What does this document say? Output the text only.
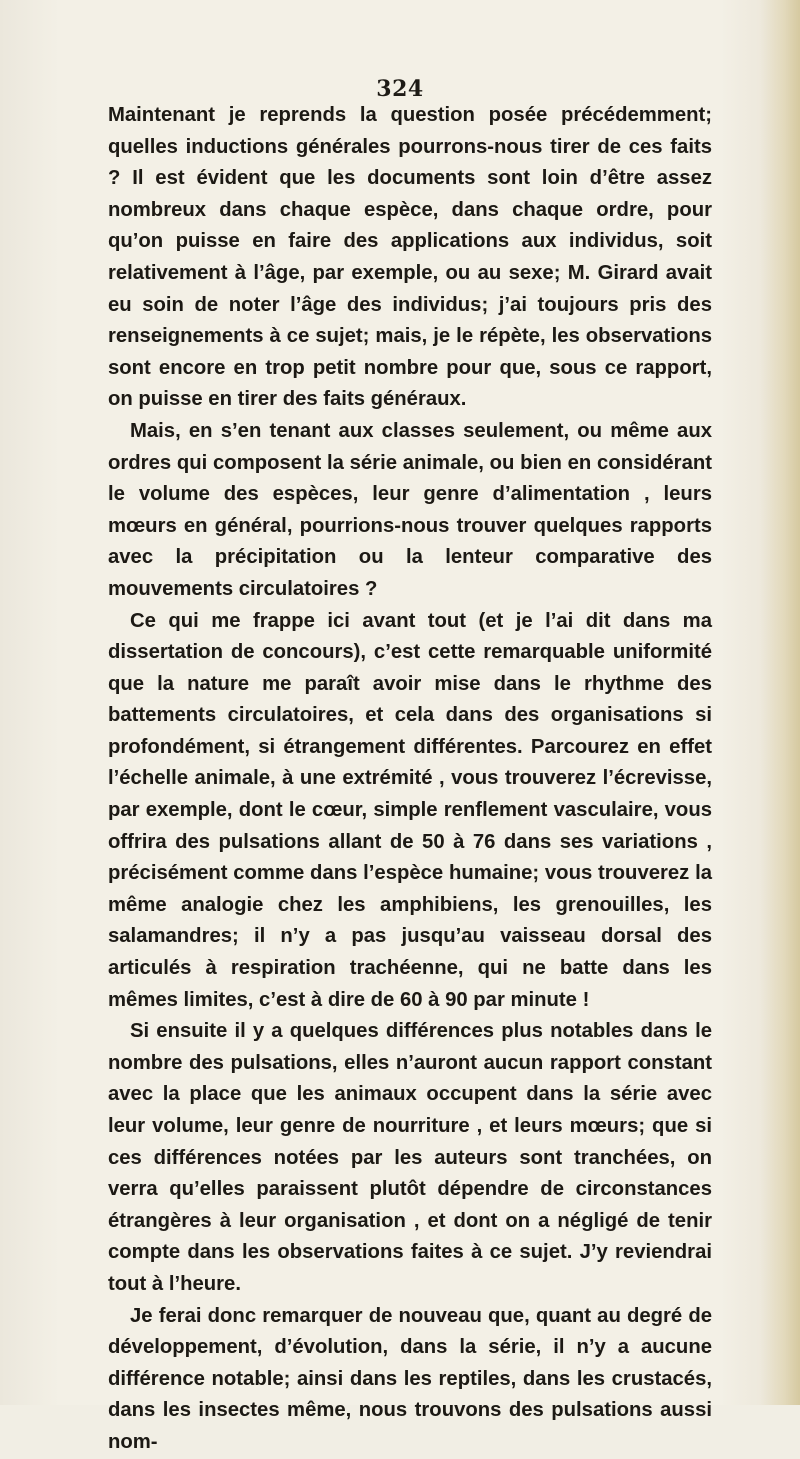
324

Maintenant je reprends la question posée précédemment; quelles inductions générales pourrons-nous tirer de ces faits ? Il est évident que les documents sont loin d’être assez nombreux dans chaque espèce, dans chaque ordre, pour qu’on puisse en faire des applications aux individus, soit relativement à l’âge, par exemple, ou au sexe; M. Girard avait eu soin de noter l’âge des individus; j’ai toujours pris des renseignements à ce sujet; mais, je le répète, les observations sont encore en trop petit nombre pour que, sous ce rapport, on puisse en tirer des faits généraux.

Mais, en s’en tenant aux classes seulement, ou même aux ordres qui composent la série animale, ou bien en considérant le volume des espèces, leur genre d’alimentation , leurs mœurs en général, pourrions-nous trouver quelques rapports avec la précipitation ou la lenteur comparative des mouvements circulatoires ?

Ce qui me frappe ici avant tout (et je l’ai dit dans ma dissertation de concours), c’est cette remarquable uniformité que la nature me paraît avoir mise dans le rhythme des battements circulatoires, et cela dans des organisations si profondément, si étrangement différentes. Parcourez en effet l’échelle animale, à une extrémité , vous trouverez l’écrevisse, par exemple, dont le cœur, simple renflement vasculaire, vous offrira des pulsations allant de 50 à 76 dans ses variations , précisément comme dans l’espèce humaine; vous trouverez la même analogie chez les amphibiens, les grenouilles, les salamandres; il n’y a pas jusqu’au vaisseau dorsal des articulés à respiration trachéenne, qui ne batte dans les mêmes limites, c’est à dire de 60 à 90 par minute !

Si ensuite il y a quelques différences plus notables dans le nombre des pulsations, elles n’auront aucun rapport constant avec la place que les animaux occupent dans la série avec leur volume, leur genre de nourriture , et leurs mœurs; que si ces différences notées par les auteurs sont tranchées, on verra qu’elles paraissent plutôt dépendre de circonstances étrangères à leur organisation , et dont on a négligé de tenir compte dans les observations faites à ce sujet. J’y reviendrai tout à l’heure.

Je ferai donc remarquer de nouveau que, quant au degré de développement, d’évolution, dans la série, il n’y a aucune différence notable; ainsi dans les reptiles, dans les crustacés, dans les insectes même, nous trouvons des pulsations aussi nom-
